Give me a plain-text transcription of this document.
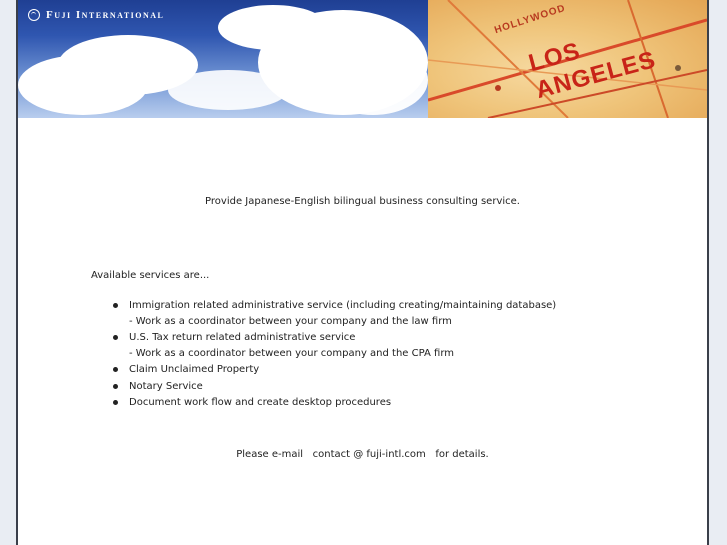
Fuji International	HOLLYWOOD
LOS ANGELES
Provide Japanese-English bilingual business consulting service.
Available services are...
Immigration related administrative service (including creating/maintaining database)
- Work as a coordinator between your company and the law firm
U.S. Tax return related administrative service
- Work as a coordinator between your company and the CPA firm
Claim Unclaimed Property
Notary Service
Document work flow and create desktop procedures
Please e-mail contact @ fuji-intl.com for details.
